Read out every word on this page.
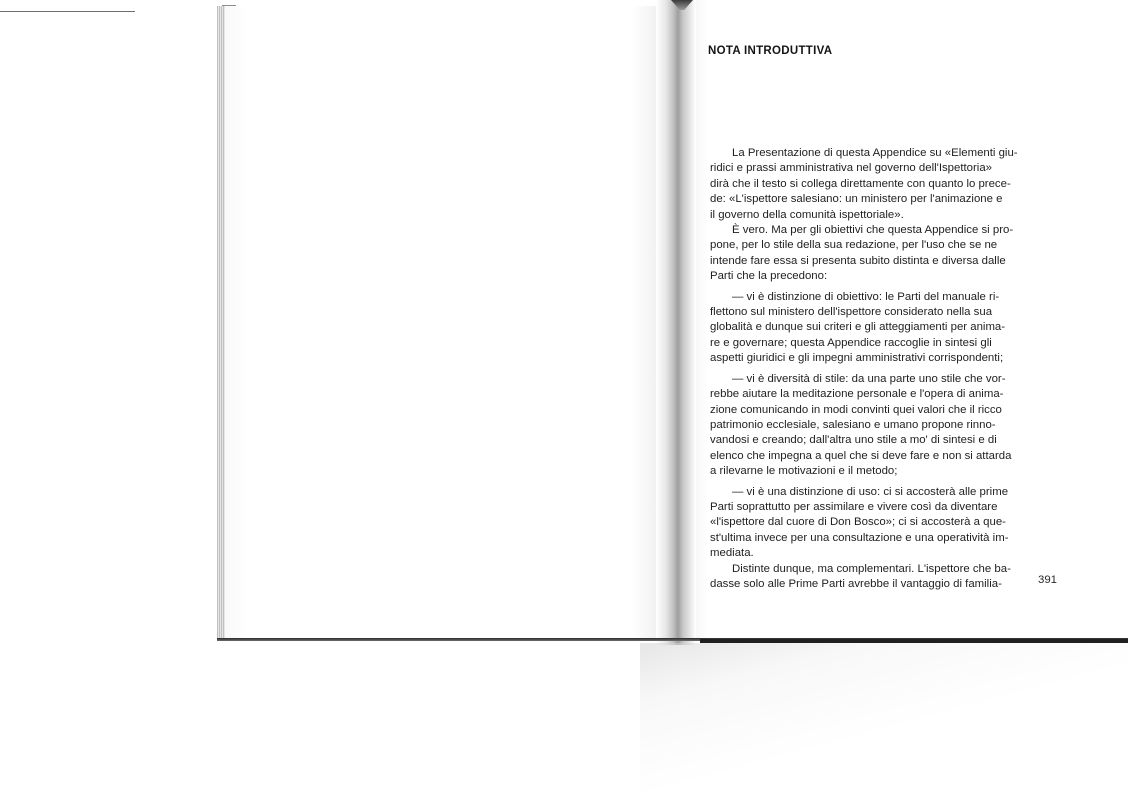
NOTA INTRODUTTIVA

La Presentazione di questa Appendice su «Elementi giu-
ridici e prassi amministrativa nel governo dell'Ispettoria»
dirà che il testo si collega direttamente con quanto lo prece-
de: «L'ispettore salesiano: un ministero per l'animazione e
il governo della comunità ispettoriale».

È vero. Ma per gli obiettivi che questa Appendice si pro-
pone, per lo stile della sua redazione, per l'uso che se ne
intende fare essa si presenta subito distinta e diversa dalle
Parti che la precedono:

— vi è distinzione di obiettivo: le Parti del manuale ri-
flettono sul ministero dell'ispettore considerato nella sua
globalità e dunque sui criteri e gli atteggiamenti per anima-
re e governare; questa Appendice raccoglie in sintesi gli
aspetti giuridici e gli impegni amministrativi corrispondenti;

— vi è diversità di stile: da una parte uno stile che vor-
rebbe aiutare la meditazione personale e l'opera di anima-
zione comunicando in modi convinti quei valori che il ricco
patrimonio ecclesiale, salesiano e umano propone rinno-
vandosi e creando; dall'altra uno stile a mo' di sintesi e di
elenco che impegna a quel che si deve fare e non si attarda
a rilevarne le motivazioni e il metodo;

— vi è una distinzione di uso: ci si accosterà alle prime
Parti soprattutto per assimilare e vivere così da diventare
«l'ispettore dal cuore di Don Bosco»; ci si accosterà a que-
st'ultima invece per una consultazione e una operatività im-
mediata.

Distinte dunque, ma complementari. L'ispettore che ba-
dasse solo alle Prime Parti avrebbe il vantaggio di familia-	391
